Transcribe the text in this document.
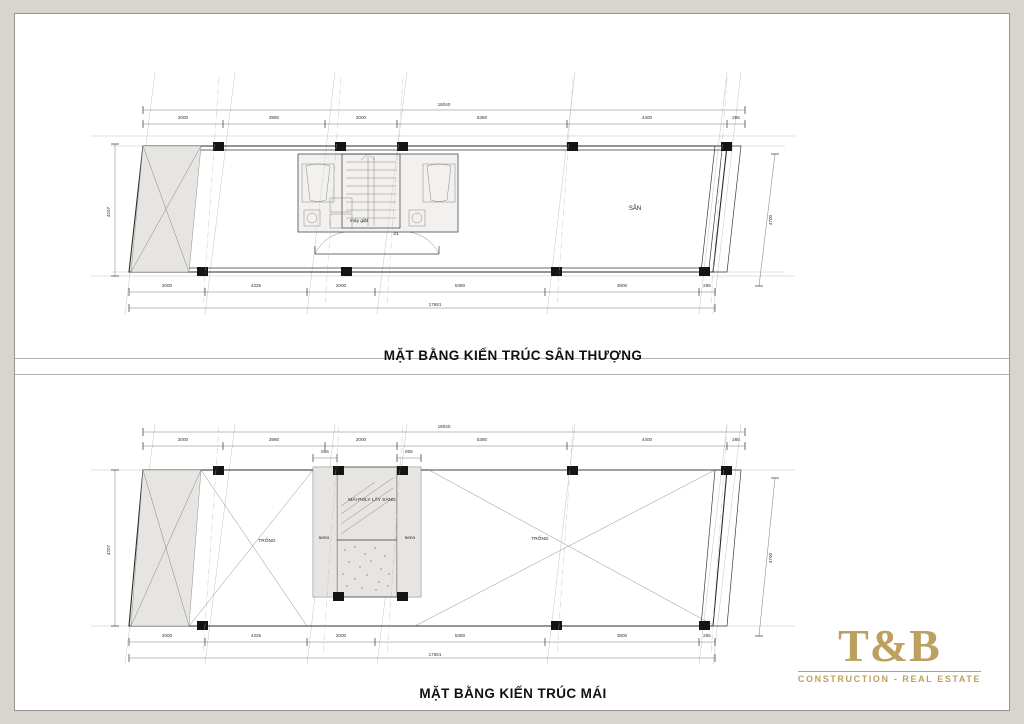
2000	3980	2000	5380	4400	265
18040
2000	4325	2000	5380	3900	255
17681
4207
4700
SÂN
máy giặt
21
MẶT BẰNG KIẾN TRÚC SÂN THƯỢNG
2000	3980	2000	5380	4400	265
18040
806	806
2000	4325	2000	5380	3800	255
17681
4207
4700
TRỐNG	TRỐNG
MÁI POLY LẤY SÁNG
seno	seno
MẶT BẰNG KIẾN TRÚC MÁI
T&B
CONSTRUCTION - REAL ESTATE
